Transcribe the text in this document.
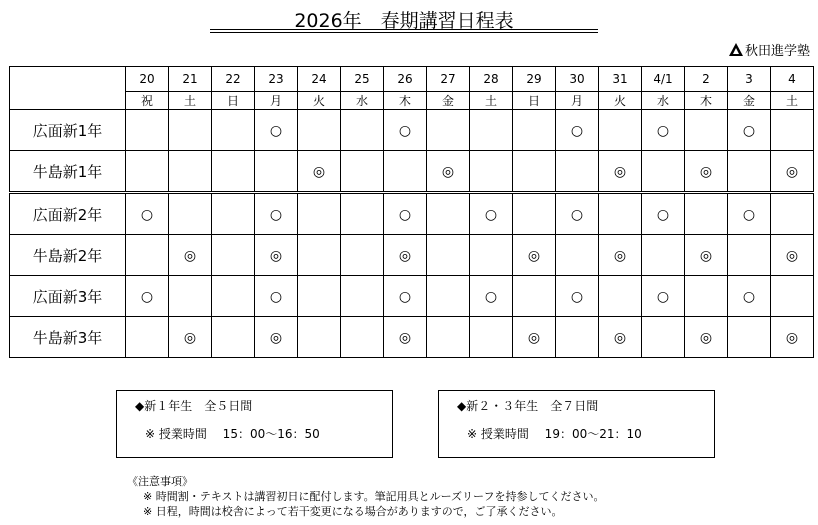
2026年　春期講習日程表
秋田進学塾
	20	21	22	23	24	25	26	27	28	29	30	31	4/1	2	3	4
	祝	土	日	月	火	水	木	金	土	日	月	火	水	木	金	土
広面新1年				○			○				○		○		○	
牛島新1年					◎			◎				◎		◎		◎
広面新2年	○			○			○		○		○		○		○	
牛島新2年		◎		◎			◎			◎		◎		◎		◎
広面新3年	○			○			○		○		○		○		○	
牛島新3年		◎		◎			◎			◎		◎		◎		◎
◆新１年生　全５日間
※ 授業時間　 15：00～16：50
◆新２・３年生　全７日間
※ 授業時間　 19：00～21：10
《注意事項》
※ 時間割・テキストは講習初日に配付します。筆記用具とルーズリーフを持参してください。
※ 日程，時間は校舎によって若干変更になる場合がありますので，ご了承ください。
